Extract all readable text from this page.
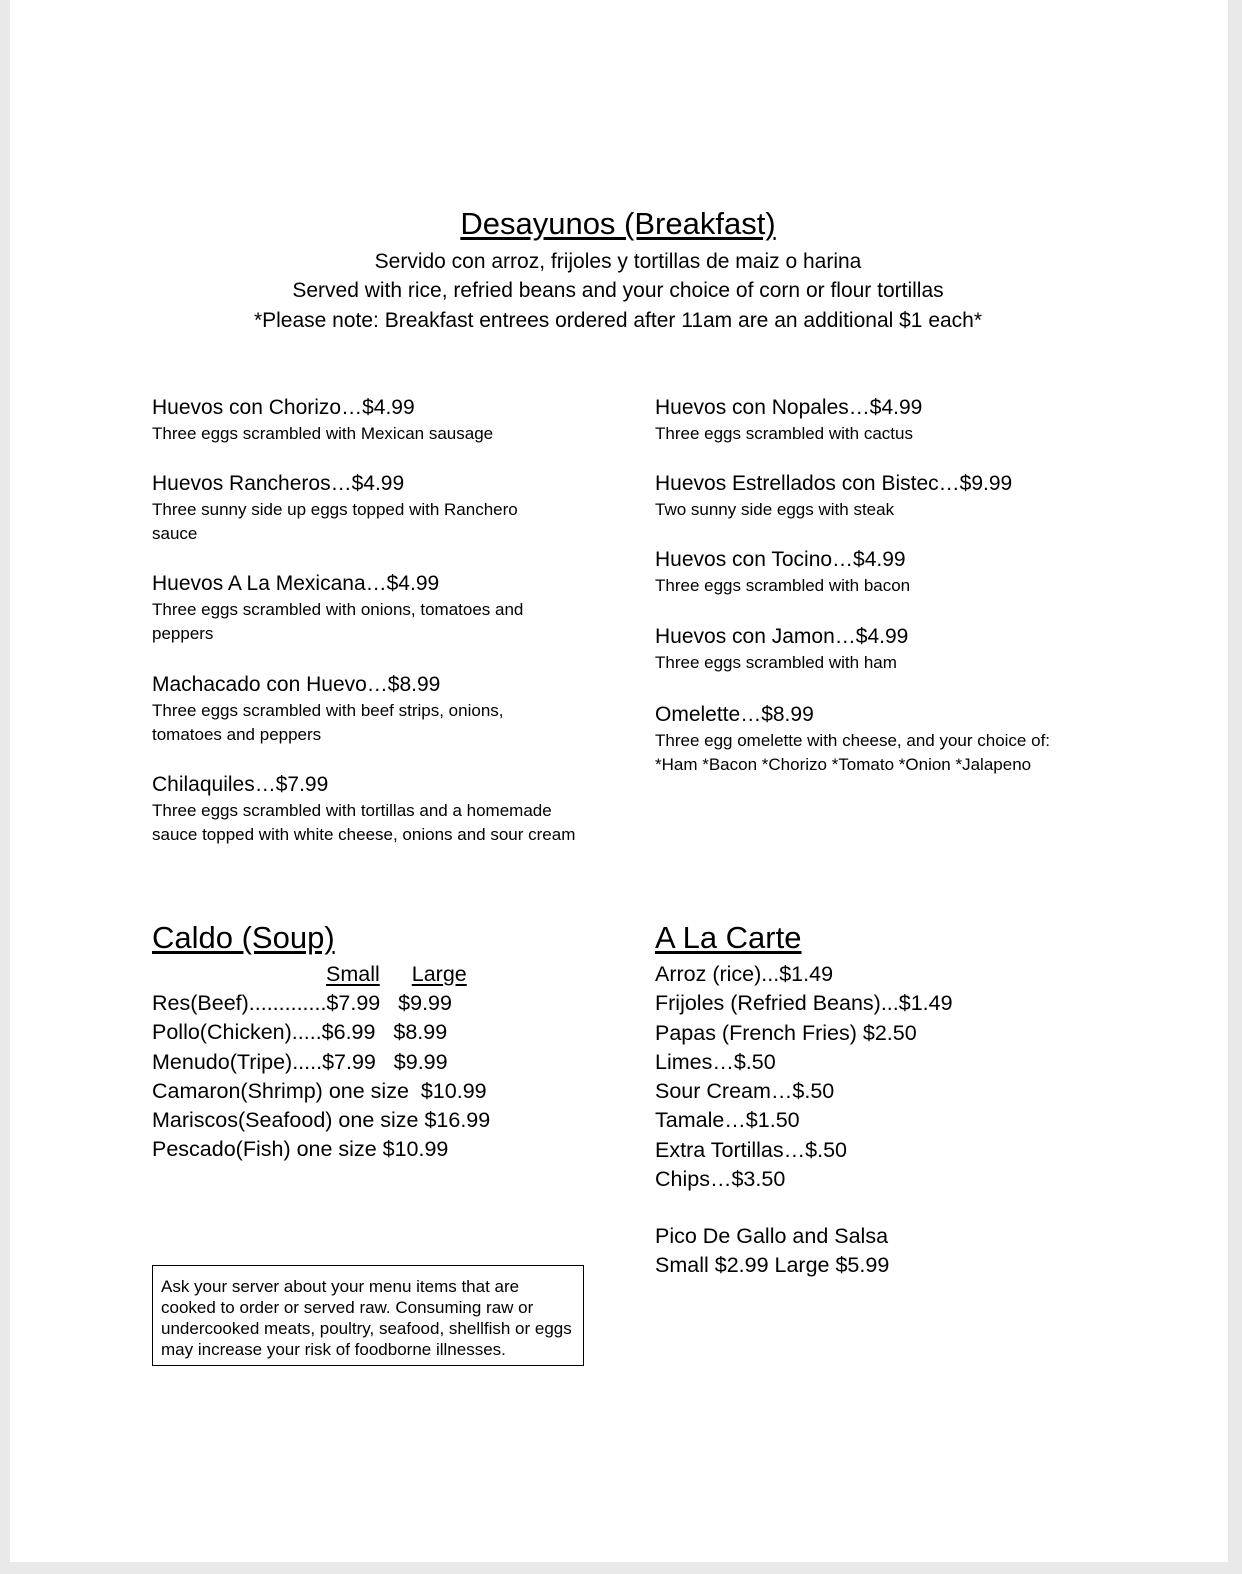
Desayunos (Breakfast)
Servido con arroz, frijoles y tortillas de maiz o harina
Served with rice, refried beans and your choice of corn or flour tortillas
*Please note: Breakfast entrees ordered after 11am are an additional $1 each*
Huevos con Chorizo…$4.99
Three eggs scrambled with Mexican sausage
Huevos Rancheros…$4.99
Three sunny side up eggs topped with Ranchero sauce
Huevos A La Mexicana…$4.99
Three eggs scrambled with onions, tomatoes and peppers
Machacado con Huevo…$8.99
Three eggs scrambled with beef strips, onions, tomatoes and peppers
Chilaquiles…$7.99
Three eggs scrambled with tortillas and a homemade sauce topped with white cheese, onions and sour cream
Huevos con Nopales…$4.99
Three eggs scrambled with cactus
Huevos Estrellados con Bistec…$9.99
Two sunny side eggs with steak
Huevos con Tocino…$4.99
Three eggs scrambled with bacon
Huevos con Jamon…$4.99
Three eggs scrambled with ham
Omelette…$8.99
Three egg omelette with cheese, and your choice of:
*Ham *Bacon *Chorizo *Tomato *Onion *Jalapeno
Caldo (Soup)
Small Large
Res(Beef).............$7.99   $9.99
Pollo(Chicken).....$6.99   $8.99
Menudo(Tripe).....$7.99   $9.99
Camaron(Shrimp) one size  $10.99
Mariscos(Seafood) one size $16.99
Pescado(Fish) one size $10.99
A La Carte
Arroz (rice)...$1.49
Frijoles (Refried Beans)...$1.49
Papas (French Fries) $2.50
Limes…$.50
Sour Cream…$.50
Tamale…$1.50
Extra Tortillas…$.50
Chips…$3.50
Pico De Gallo and Salsa
Small $2.99 Large $5.99
Ask your server about your menu items that are cooked to order or served raw. Consuming raw or undercooked meats, poultry, seafood, shellfish or eggs may increase your risk of foodborne illnesses.
